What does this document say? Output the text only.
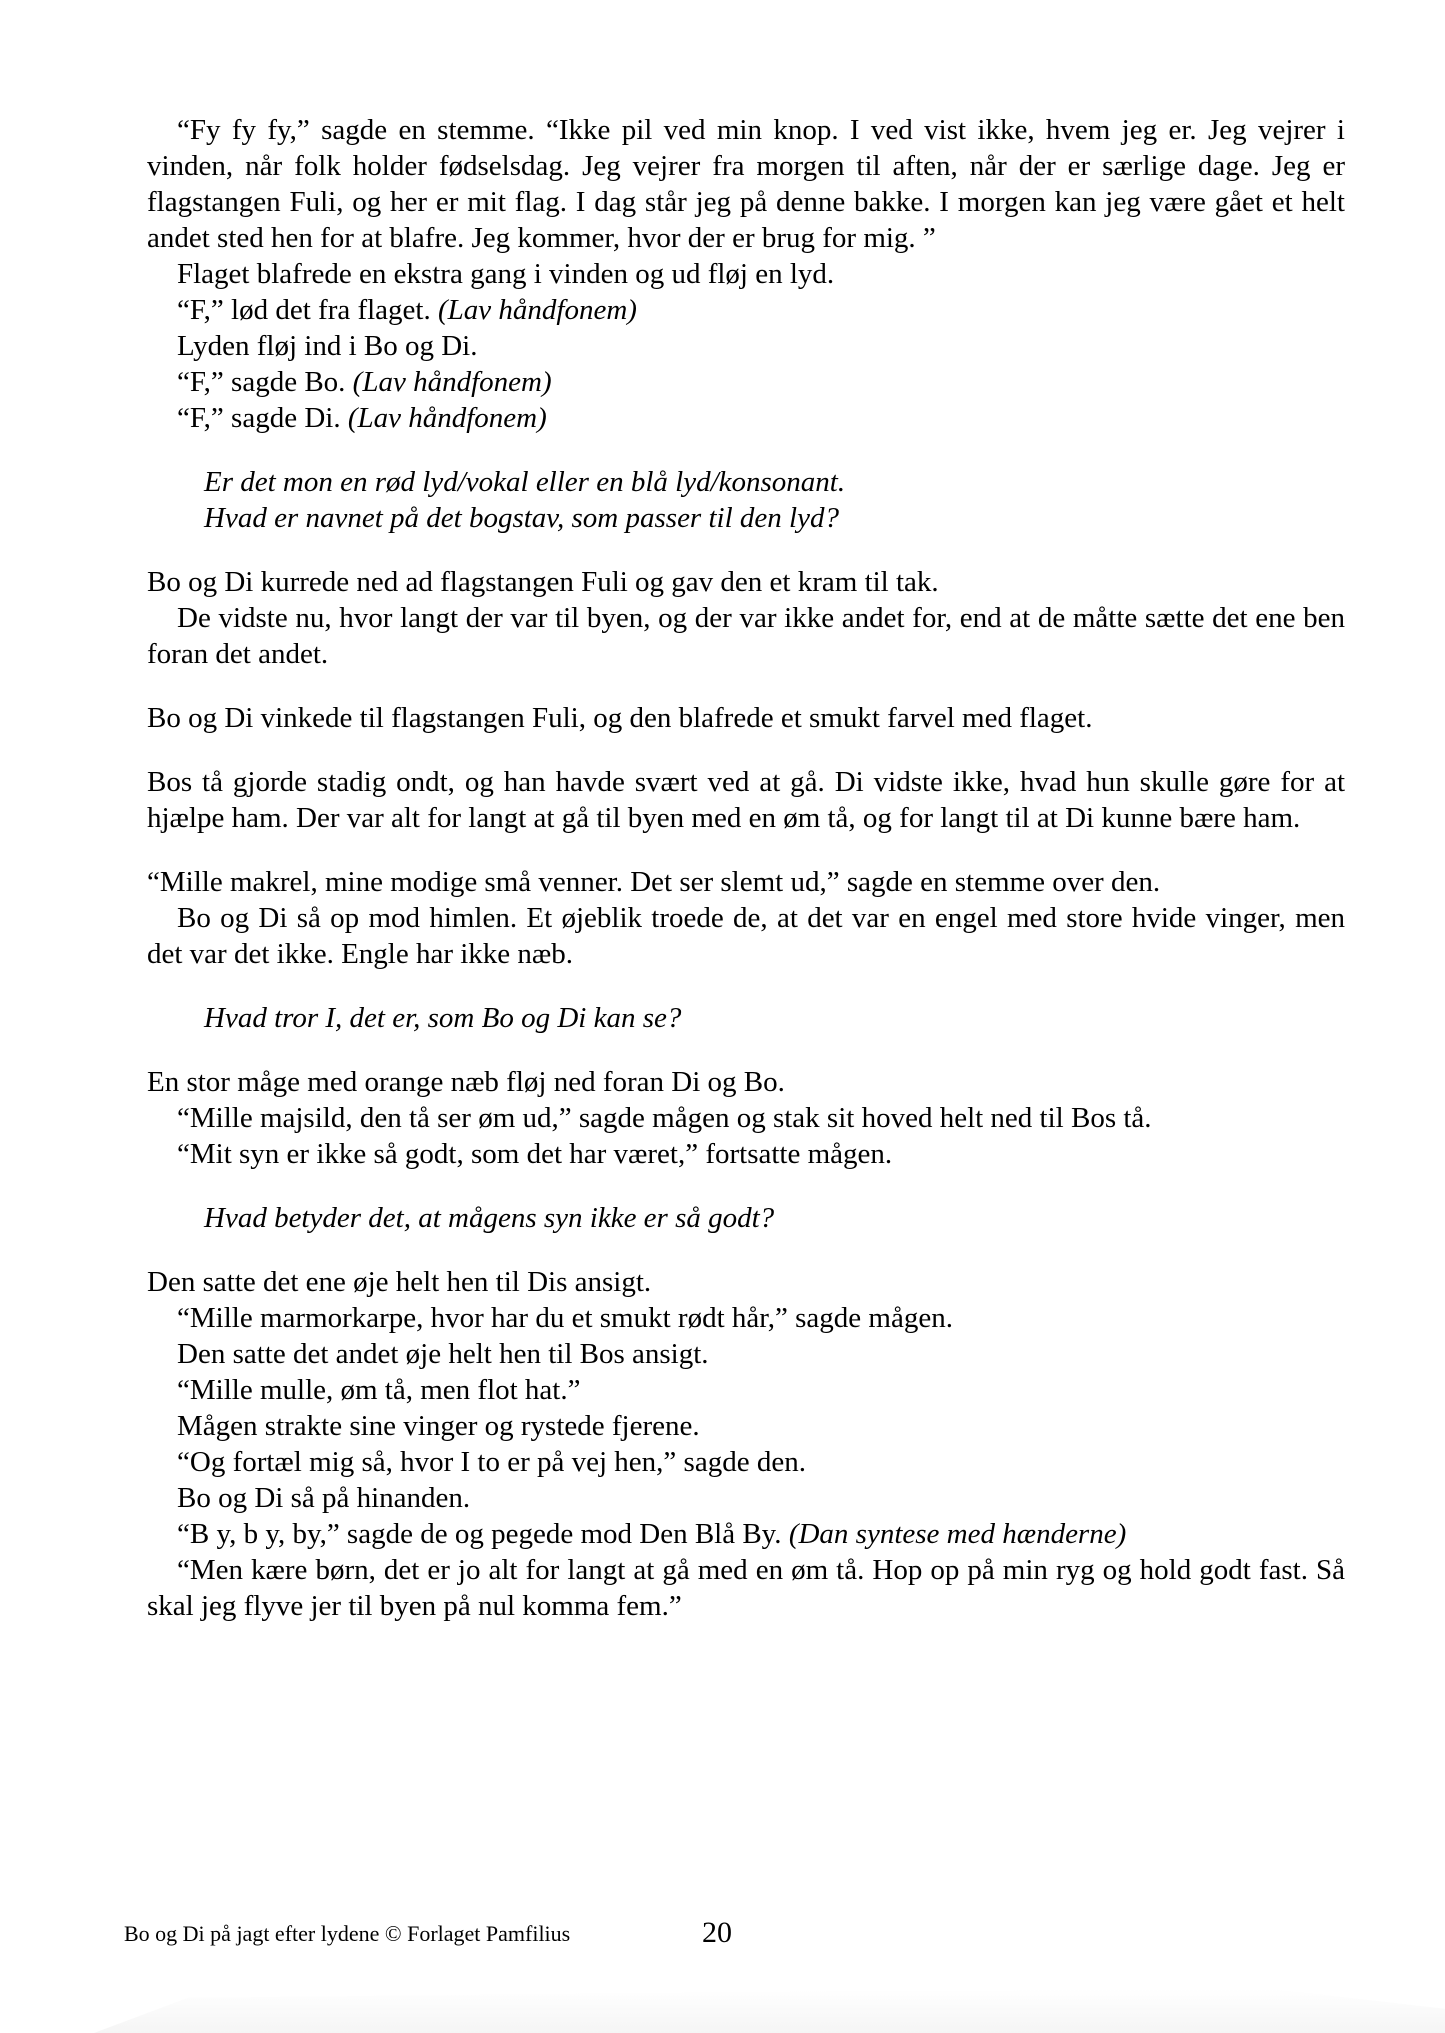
“Fy fy fy,” sagde en stemme. “Ikke pil ved min knop. I ved vist ikke, hvem jeg er. Jeg vejrer i vinden, når folk holder fødselsdag. Jeg vejrer fra morgen til aften, når der er særlige dage. Jeg er flagstangen Fuli, og her er mit flag. I dag står jeg på denne bakke. I morgen kan jeg være gået et helt andet sted hen for at blafre. Jeg kommer, hvor der er brug for mig. ”

Flaget blafrede en ekstra gang i vinden og ud fløj en lyd.

“F,” lød det fra flaget. (Lav håndfonem)

Lyden fløj ind i Bo og Di.

“F,” sagde Bo. (Lav håndfonem)

“F,” sagde Di. (Lav håndfonem)

Er det mon en rød lyd/vokal eller en blå lyd/konsonant.

Hvad er navnet på det bogstav, som passer til den lyd?

Bo og Di kurrede ned ad flagstangen Fuli og gav den et kram til tak.

De vidste nu, hvor langt der var til byen, og der var ikke andet for, end at de måtte sætte det ene ben foran det andet.

Bo og Di vinkede til flagstangen Fuli, og den blafrede et smukt farvel med flaget.

Bos tå gjorde stadig ondt, og han havde svært ved at gå. Di vidste ikke, hvad hun skulle gøre for at hjælpe ham. Der var alt for langt at gå til byen med en øm tå, og for langt til at Di kunne bære ham.

“Mille makrel, mine modige små venner. Det ser slemt ud,” sagde en stemme over den.

Bo og Di så op mod himlen. Et øjeblik troede de, at det var en engel med store hvide vinger, men det var det ikke. Engle har ikke næb.

Hvad tror I, det er, som Bo og Di kan se?

En stor måge med orange næb fløj ned foran Di og Bo.

“Mille majsild, den tå ser øm ud,” sagde mågen og stak sit hoved helt ned til Bos tå.

“Mit syn er ikke så godt, som det har været,” fortsatte mågen.

Hvad betyder det, at mågens syn ikke er så godt?

Den satte det ene øje helt hen til Dis ansigt.

“Mille marmorkarpe, hvor har du et smukt rødt hår,” sagde mågen.

Den satte det andet øje helt hen til Bos ansigt.

“Mille mulle, øm tå, men flot hat.”

Mågen strakte sine vinger og rystede fjerene.

“Og fortæl mig så, hvor I to er på vej hen,” sagde den.

Bo og Di så på hinanden.

“B y, b y, by,” sagde de og pegede mod Den Blå By. (Dan syntese med hænderne)

“Men kære børn, det er jo alt for langt at gå med en øm tå. Hop op på min ryg og hold godt fast. Så skal jeg flyve jer til byen på nul komma fem.”

Bo og Di på jagt efter lydene © Forlaget Pamfilius	20
